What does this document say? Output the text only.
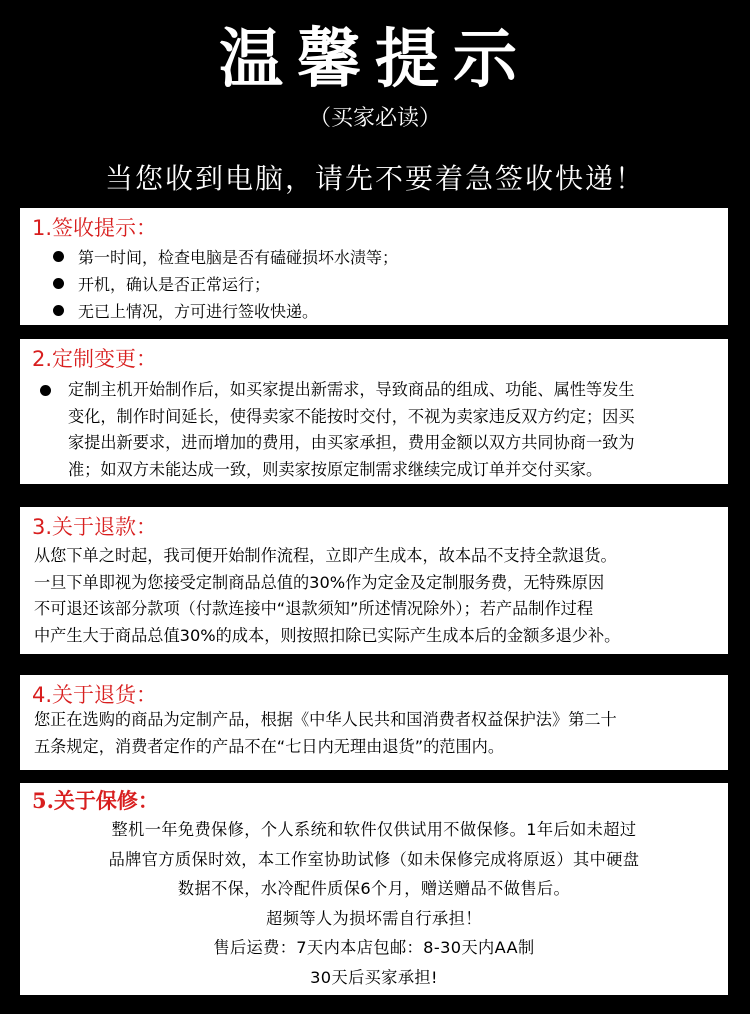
温馨提示
（买家必读）
当您收到电脑，请先不要着急签收快递！
1.签收提示：
第一时间，检查电脑是否有磕碰损坏水渍等；
开机，确认是否正常运行；
无已上情况，方可进行签收快递。
2.定制变更：
定制主机开始制作后，如买家提出新需求，导致商品的组成、功能、属性等发生
变化，制作时间延长，使得卖家不能按时交付，不视为卖家违反双方约定；因买
家提出新要求，进而增加的费用，由买家承担，费用金额以双方共同协商一致为
准；如双方未能达成一致，则卖家按原定制需求继续完成订单并交付买家。
3.关于退款：
从您下单之时起，我司便开始制作流程，立即产生成本，故本品不支持全款退货。
一旦下单即视为您接受定制商品总值的30%作为定金及定制服务费，无特殊原因
不可退还该部分款项（付款连接中“退款须知”所述情况除外）；若产品制作过程
中产生大于商品总值30%的成本，则按照扣除已实际产生成本后的金额多退少补。
4.关于退货：
您正在选购的商品为定制产品，根据《中华人民共和国消费者权益保护法》第二十
五条规定，消费者定作的产品不在“七日内无理由退货”的范围内。
5.关于保修：
整机一年免费保修，个人系统和软件仅供试用不做保修。1年后如未超过
品牌官方质保时效，本工作室协助试修（如未保修完成将原返）其中硬盘
数据不保，水冷配件质保6个月，赠送赠品不做售后。
超频等人为损坏需自行承担！
售后运费：7天内本店包邮：8-30天内AA制
30天后买家承担!
